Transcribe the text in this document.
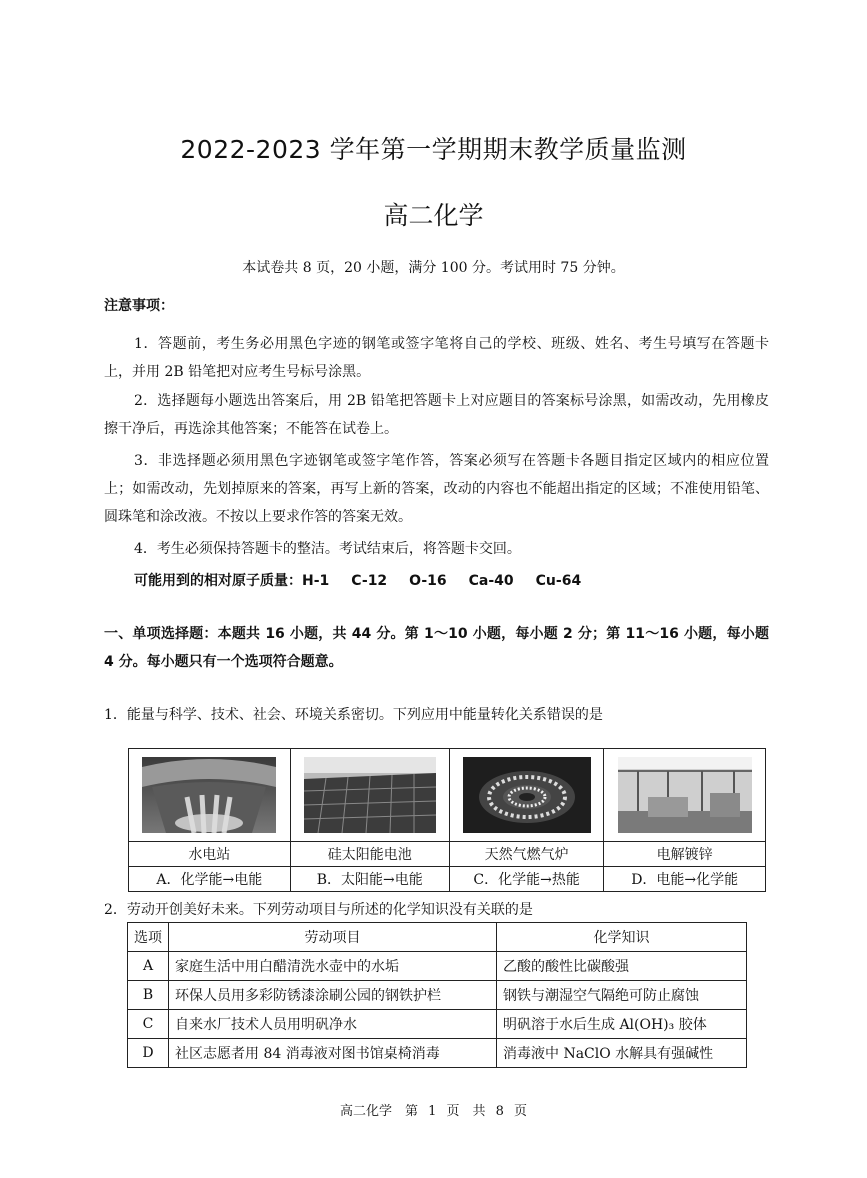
2022-2023 学年第一学期期末教学质量监测
高二化学
本试卷共 8 页，20 小题，满分 100 分。考试用时 75 分钟。
注意事项：
1．答题前，考生务必用黑色字迹的钢笔或签字笔将自己的学校、班级、姓名、考生号填写在答题卡上，并用 2B 铅笔把对应考生号标号涂黑。
2．选择题每小题选出答案后，用 2B 铅笔把答题卡上对应题目的答案标号涂黑，如需改动，先用橡皮擦干净后，再选涂其他答案；不能答在试卷上。
3．非选择题必须用黑色字迹钢笔或签字笔作答，答案必须写在答题卡各题目指定区域内的相应位置上；如需改动，先划掉原来的答案，再写上新的答案，改动的内容也不能超出指定的区域；不准使用铅笔、圆珠笔和涂改液。不按以上要求作答的答案无效。
4．考生必须保持答题卡的整洁。考试结束后，将答题卡交回。
可能用到的相对原子质量：H-1 C-12 O-16 Ca-40 Cu-64
一、单项选择题：本题共 16 小题，共 44 分。第 1～10 小题，每小题 2 分；第 11～16 小题，每小题 4 分。每小题只有一个选项符合题意。
1．能量与科学、技术、社会、环境关系密切。下列应用中能量转化关系错误的是

水电站	硅太阳能电池	天然气燃气炉	电解镀锌
A．化学能→电能	B．太阳能→电能	C．化学能→热能	D．电能→化学能
2．劳动开创美好未来。下列劳动项目与所述的化学知识没有关联的是
选项	劳动项目	化学知识
A	家庭生活中用白醋清洗水壶中的水垢	乙酸的酸性比碳酸强
B	环保人员用多彩防锈漆涂刷公园的钢铁护栏	钢铁与潮湿空气隔绝可防止腐蚀
C	自来水厂技术人员用明矾净水	明矾溶于水后生成 Al(OH)₃ 胶体
D	社区志愿者用 84 消毒液对图书馆桌椅消毒	消毒液中 NaClO 水解具有强碱性
高二化学　第 1 页　共 8 页
